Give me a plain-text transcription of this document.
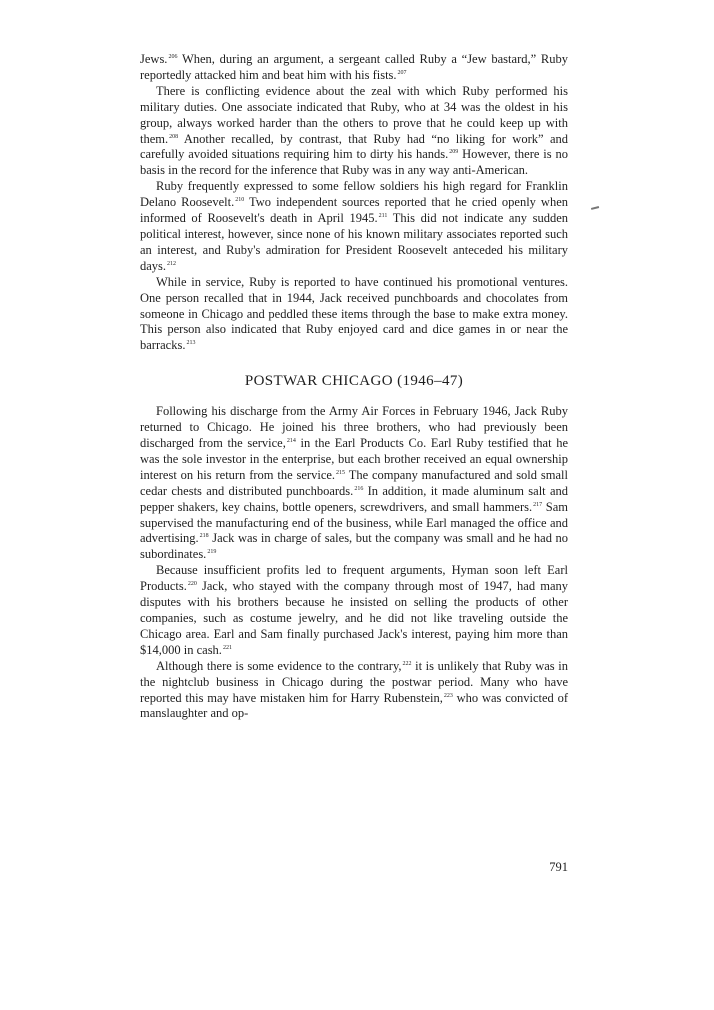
Jews.$^{206}$ When, during an argument, a sergeant called Ruby a “Jew bastard,” Ruby reportedly attacked him and beat him with his fists.$^{207}$

There is conflicting evidence about the zeal with which Ruby performed his military duties. One associate indicated that Ruby, who at 34 was the oldest in his group, always worked harder than the others to prove that he could keep up with them.$^{208}$ Another recalled, by contrast, that Ruby had “no liking for work” and carefully avoided situations requiring him to dirty his hands.$^{209}$ However, there is no basis in the record for the inference that Ruby was in any way anti-American.

Ruby frequently expressed to some fellow soldiers his high regard for Franklin Delano Roosevelt.$^{210}$ Two independent sources reported that he cried openly when informed of Roosevelt's death in April 1945.$^{211}$ This did not indicate any sudden political interest, however, since none of his known military associates reported such an interest, and Ruby's admiration for President Roosevelt anteceded his military days.$^{212}$

While in service, Ruby is reported to have continued his promotional ventures. One person recalled that in 1944, Jack received punchboards and chocolates from someone in Chicago and peddled these items through the base to make extra money. This person also indicated that Ruby enjoyed card and dice games in or near the barracks.$^{213}$

POSTWAR CHICAGO (1946–47)

Following his discharge from the Army Air Forces in February 1946, Jack Ruby returned to Chicago. He joined his three brothers, who had previously been discharged from the service,$^{214}$ in the Earl Products Co. Earl Ruby testified that he was the sole investor in the enterprise, but each brother received an equal ownership interest on his return from the service.$^{215}$ The company manufactured and sold small cedar chests and distributed punchboards.$^{216}$ In addition, it made aluminum salt and pepper shakers, key chains, bottle openers, screwdrivers, and small hammers.$^{217}$ Sam supervised the manufacturing end of the business, while Earl managed the office and advertising.$^{218}$ Jack was in charge of sales, but the company was small and he had no subordinates.$^{219}$

Because insufficient profits led to frequent arguments, Hyman soon left Earl Products.$^{220}$ Jack, who stayed with the company through most of 1947, had many disputes with his brothers because he insisted on selling the products of other companies, such as costume jewelry, and he did not like traveling outside the Chicago area. Earl and Sam finally purchased Jack's interest, paying him more than $14,000 in cash.$^{221}$

Although there is some evidence to the contrary,$^{222}$ it is unlikely that Ruby was in the nightclub business in Chicago during the postwar period. Many who have reported this may have mistaken him for Harry Rubenstein,$^{223}$ who was convicted of manslaughter and op-

791
